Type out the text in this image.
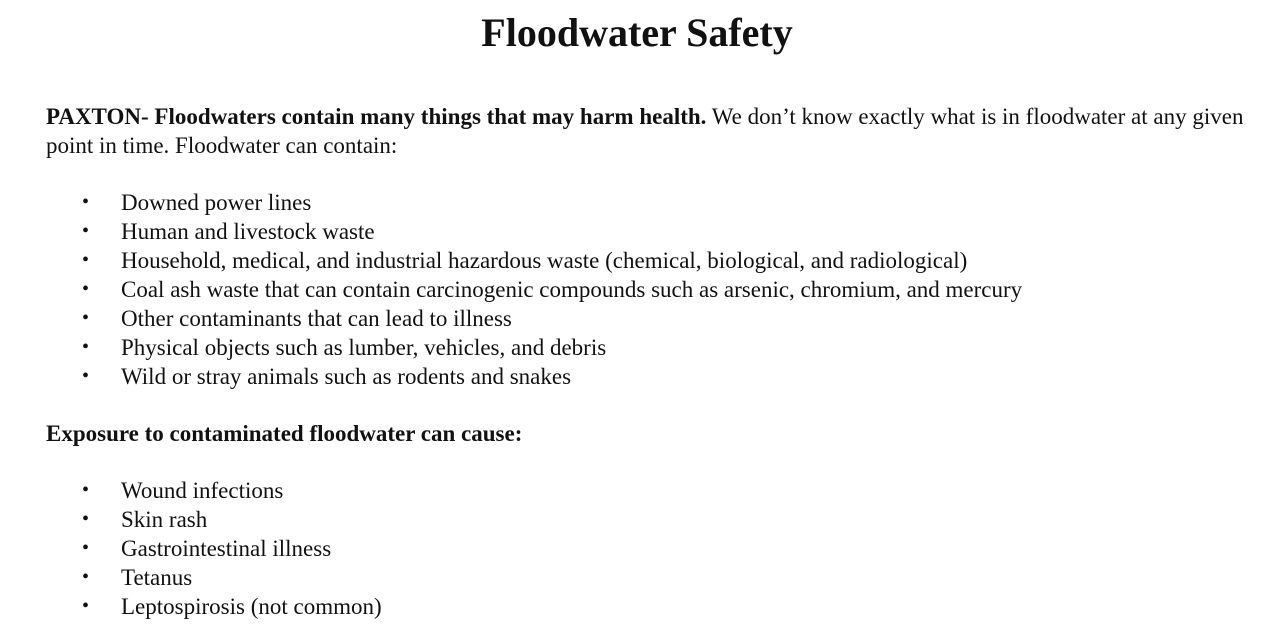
Floodwater Safety

PAXTON- Floodwaters contain many things that may harm health. We don’t know exactly what is in floodwater at any given point in time. Floodwater can contain:

• Downed power lines
• Human and livestock waste
• Household, medical, and industrial hazardous waste (chemical, biological, and radiological)
• Coal ash waste that can contain carcinogenic compounds such as arsenic, chromium, and mercury
• Other contaminants that can lead to illness
• Physical objects such as lumber, vehicles, and debris
• Wild or stray animals such as rodents and snakes

Exposure to contaminated floodwater can cause:

• Wound infections
• Skin rash
• Gastrointestinal illness
• Tetanus
• Leptospirosis (not common)
